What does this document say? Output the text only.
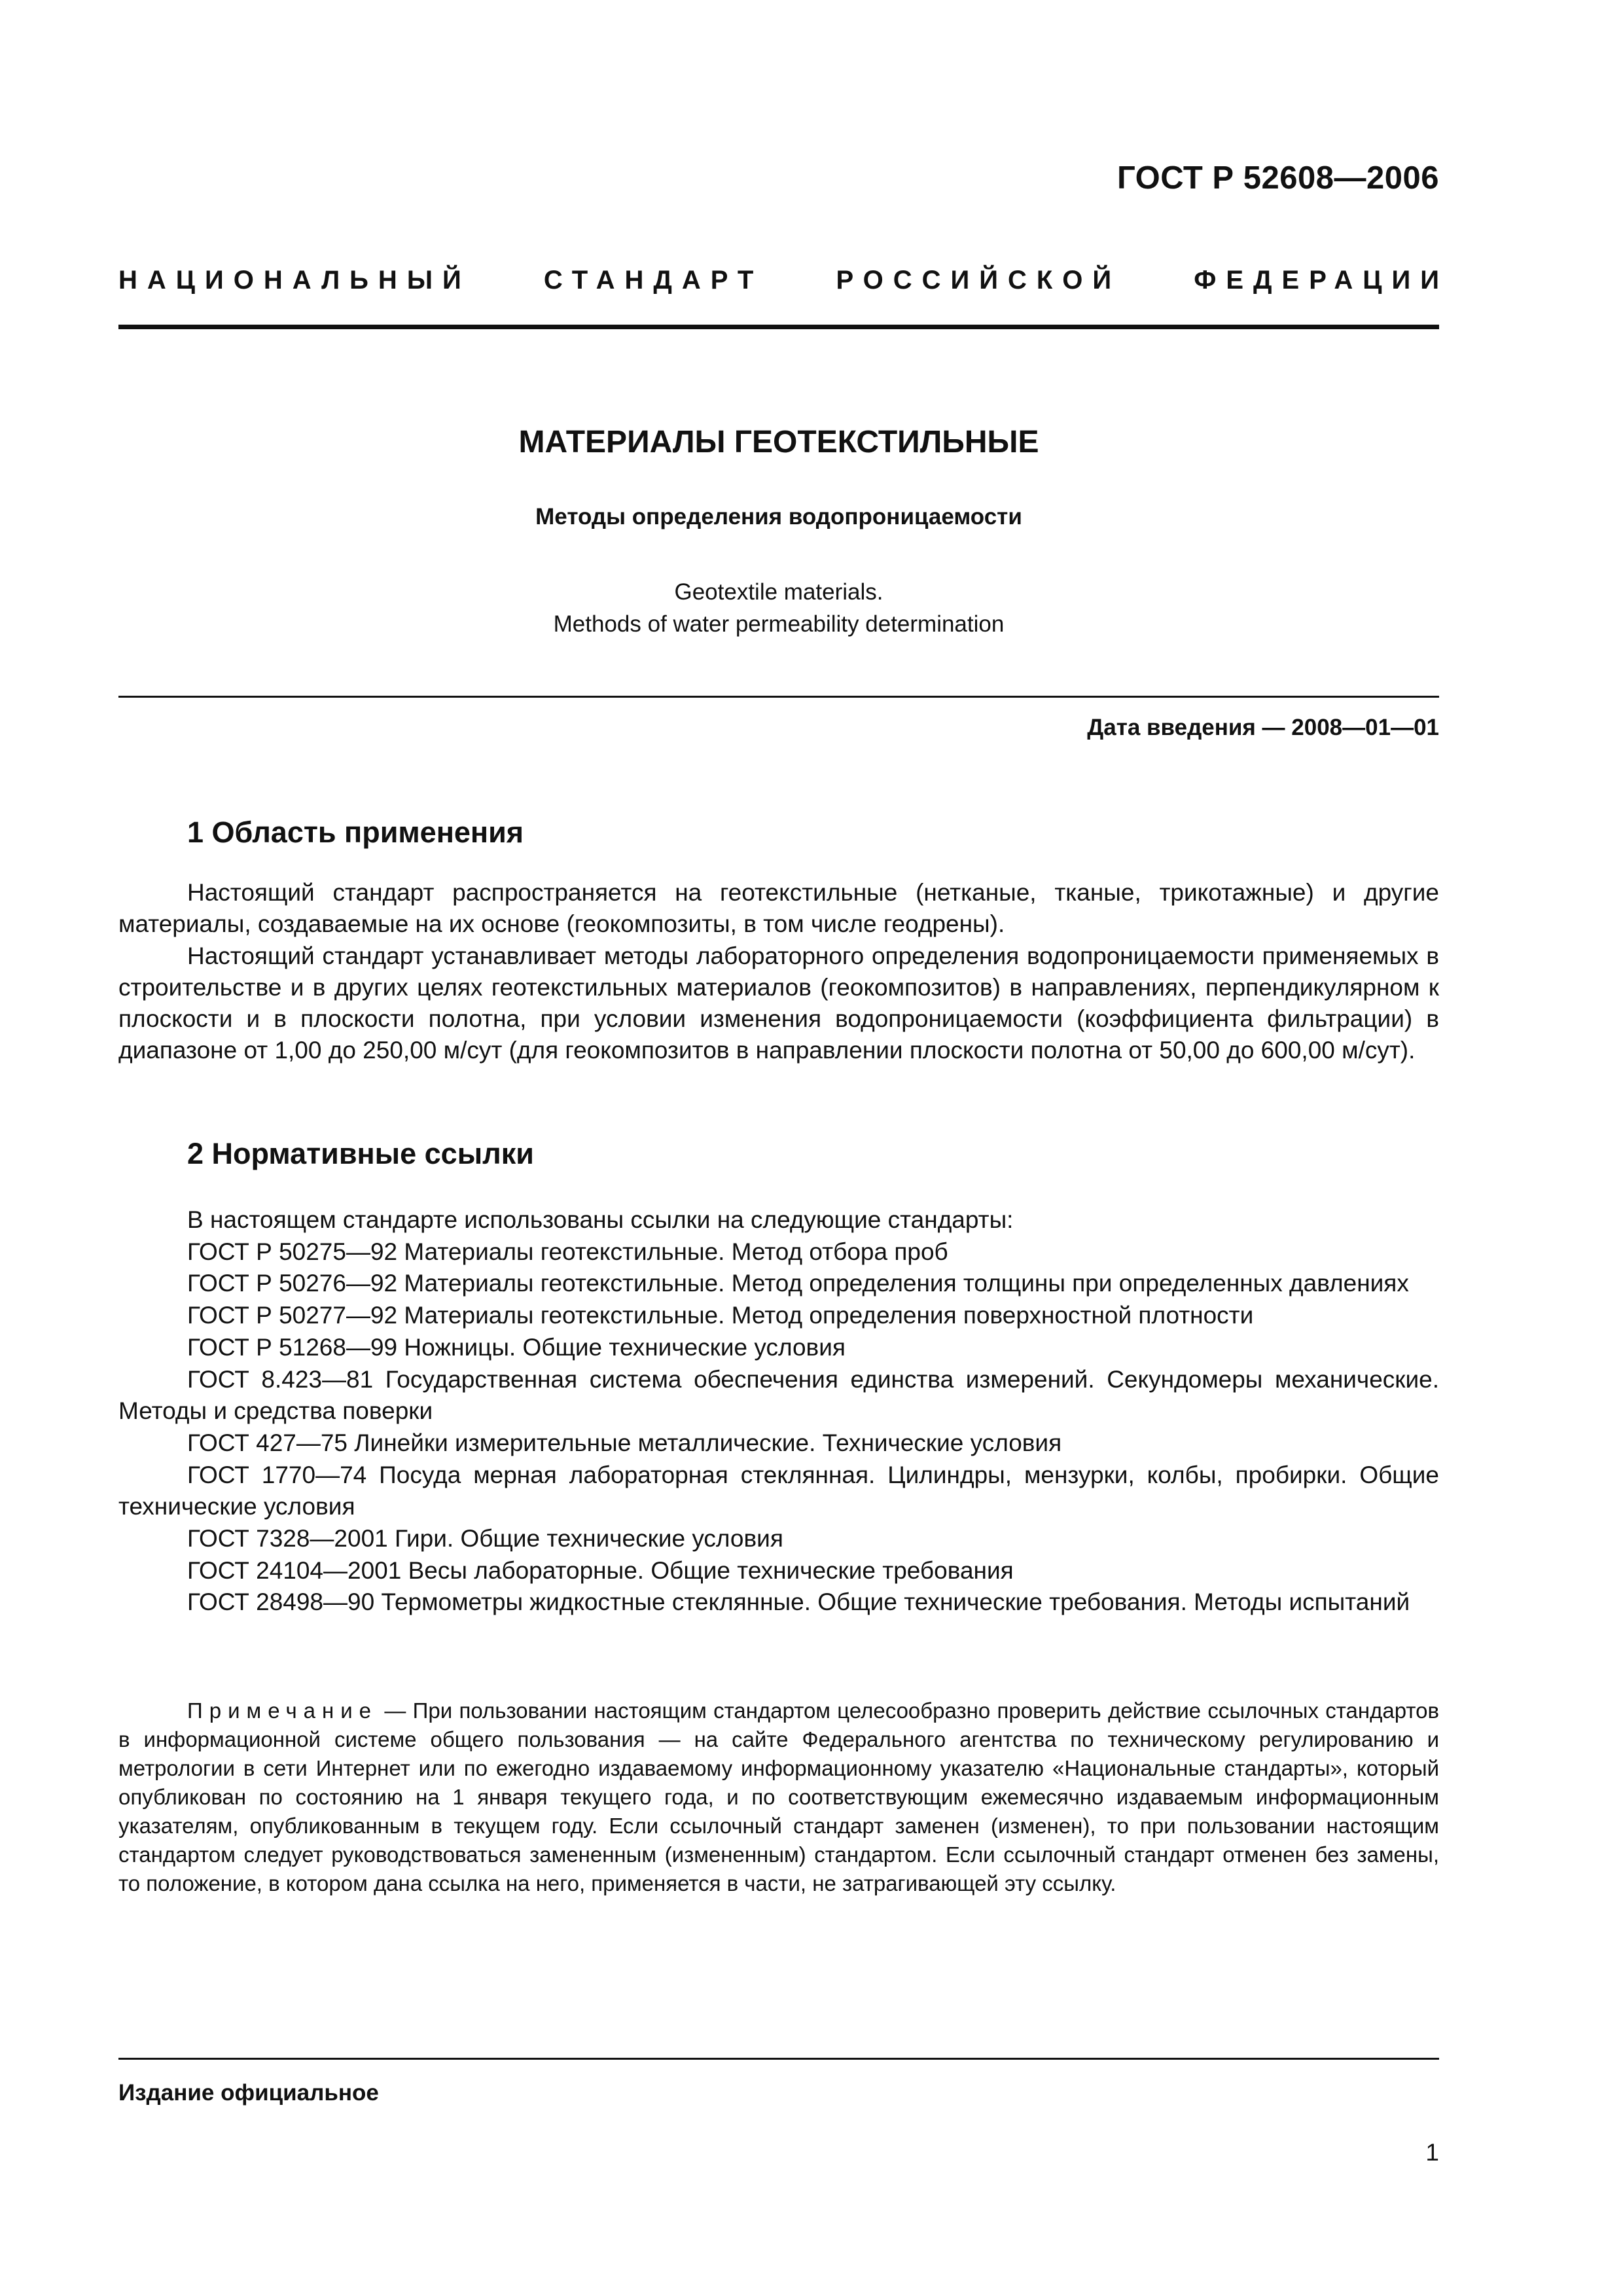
ГОСТ Р 52608—2006
НАЦИОНАЛЬНЫЙ	СТАНДАРТ	РОССИЙСКОЙ	ФЕДЕРАЦИИ
МАТЕРИАЛЫ ГЕОТЕКСТИЛЬНЫЕ
Методы определения водопроницаемости
Geotextile materials.
Methods of water permeability determination
Дата введения — 2008—01—01
1 Область применения

Настоящий стандарт распространяется на геотекстильные (нетканые, тканые, трикотажные) и другие материалы, создаваемые на их основе (геокомпозиты, в том числе геодрены).

Настоящий стандарт устанавливает методы лабораторного определения водопроницаемости применяемых в строительстве и в других целях геотекстильных материалов (геокомпозитов) в направлениях, перпендикулярном к плоскости и в плоскости полотна, при условии изменения водопроницаемости (коэффициента фильтрации) в диапазоне от 1,00 до 250,00 м/сут (для геокомпозитов в направлении плоскости полотна от 50,00 до 600,00 м/сут).

2 Нормативные ссылки
В настоящем стандарте использованы ссылки на следующие стандарты:
ГОСТ Р 50275—92 Материалы геотекстильные. Метод отбора проб
ГОСТ Р 50276—92 Материалы геотекстильные. Метод определения толщины при определенных давлениях
ГОСТ Р 50277—92 Материалы геотекстильные. Метод определения поверхностной плотности
ГОСТ Р 51268—99 Ножницы. Общие технические условия
ГОСТ 8.423—81 Государственная система обеспечения единства измерений. Секундомеры механические. Методы и средства поверки
ГОСТ 427—75 Линейки измерительные металлические. Технические условия
ГОСТ 1770—74 Посуда мерная лабораторная стеклянная. Цилиндры, мензурки, колбы, пробирки. Общие технические условия
ГОСТ 7328—2001 Гири. Общие технические условия
ГОСТ 24104—2001 Весы лабораторные. Общие технические требования
ГОСТ 28498—90 Термометры жидкостные стеклянные. Общие технические требования. Методы испытаний

Примечание — При пользовании настоящим стандартом целесообразно проверить действие ссылочных стандартов в информационной системе общего пользования — на сайте Федерального агентства по техническому регулированию и метрологии в сети Интернет или по ежегодно издаваемому информационному указателю «Национальные стандарты», который опубликован по состоянию на 1 января текущего года, и по соответствующим ежемесячно издаваемым информационным указателям, опубликованным в текущем году. Если ссылочный стандарт заменен (изменен), то при пользовании настоящим стандартом следует руководствоваться замененным (измененным) стандартом. Если ссылочный стандарт отменен без замены, то положение, в котором дана ссылка на него, применяется в части, не затрагивающей эту ссылку.

Издание официальное
1
